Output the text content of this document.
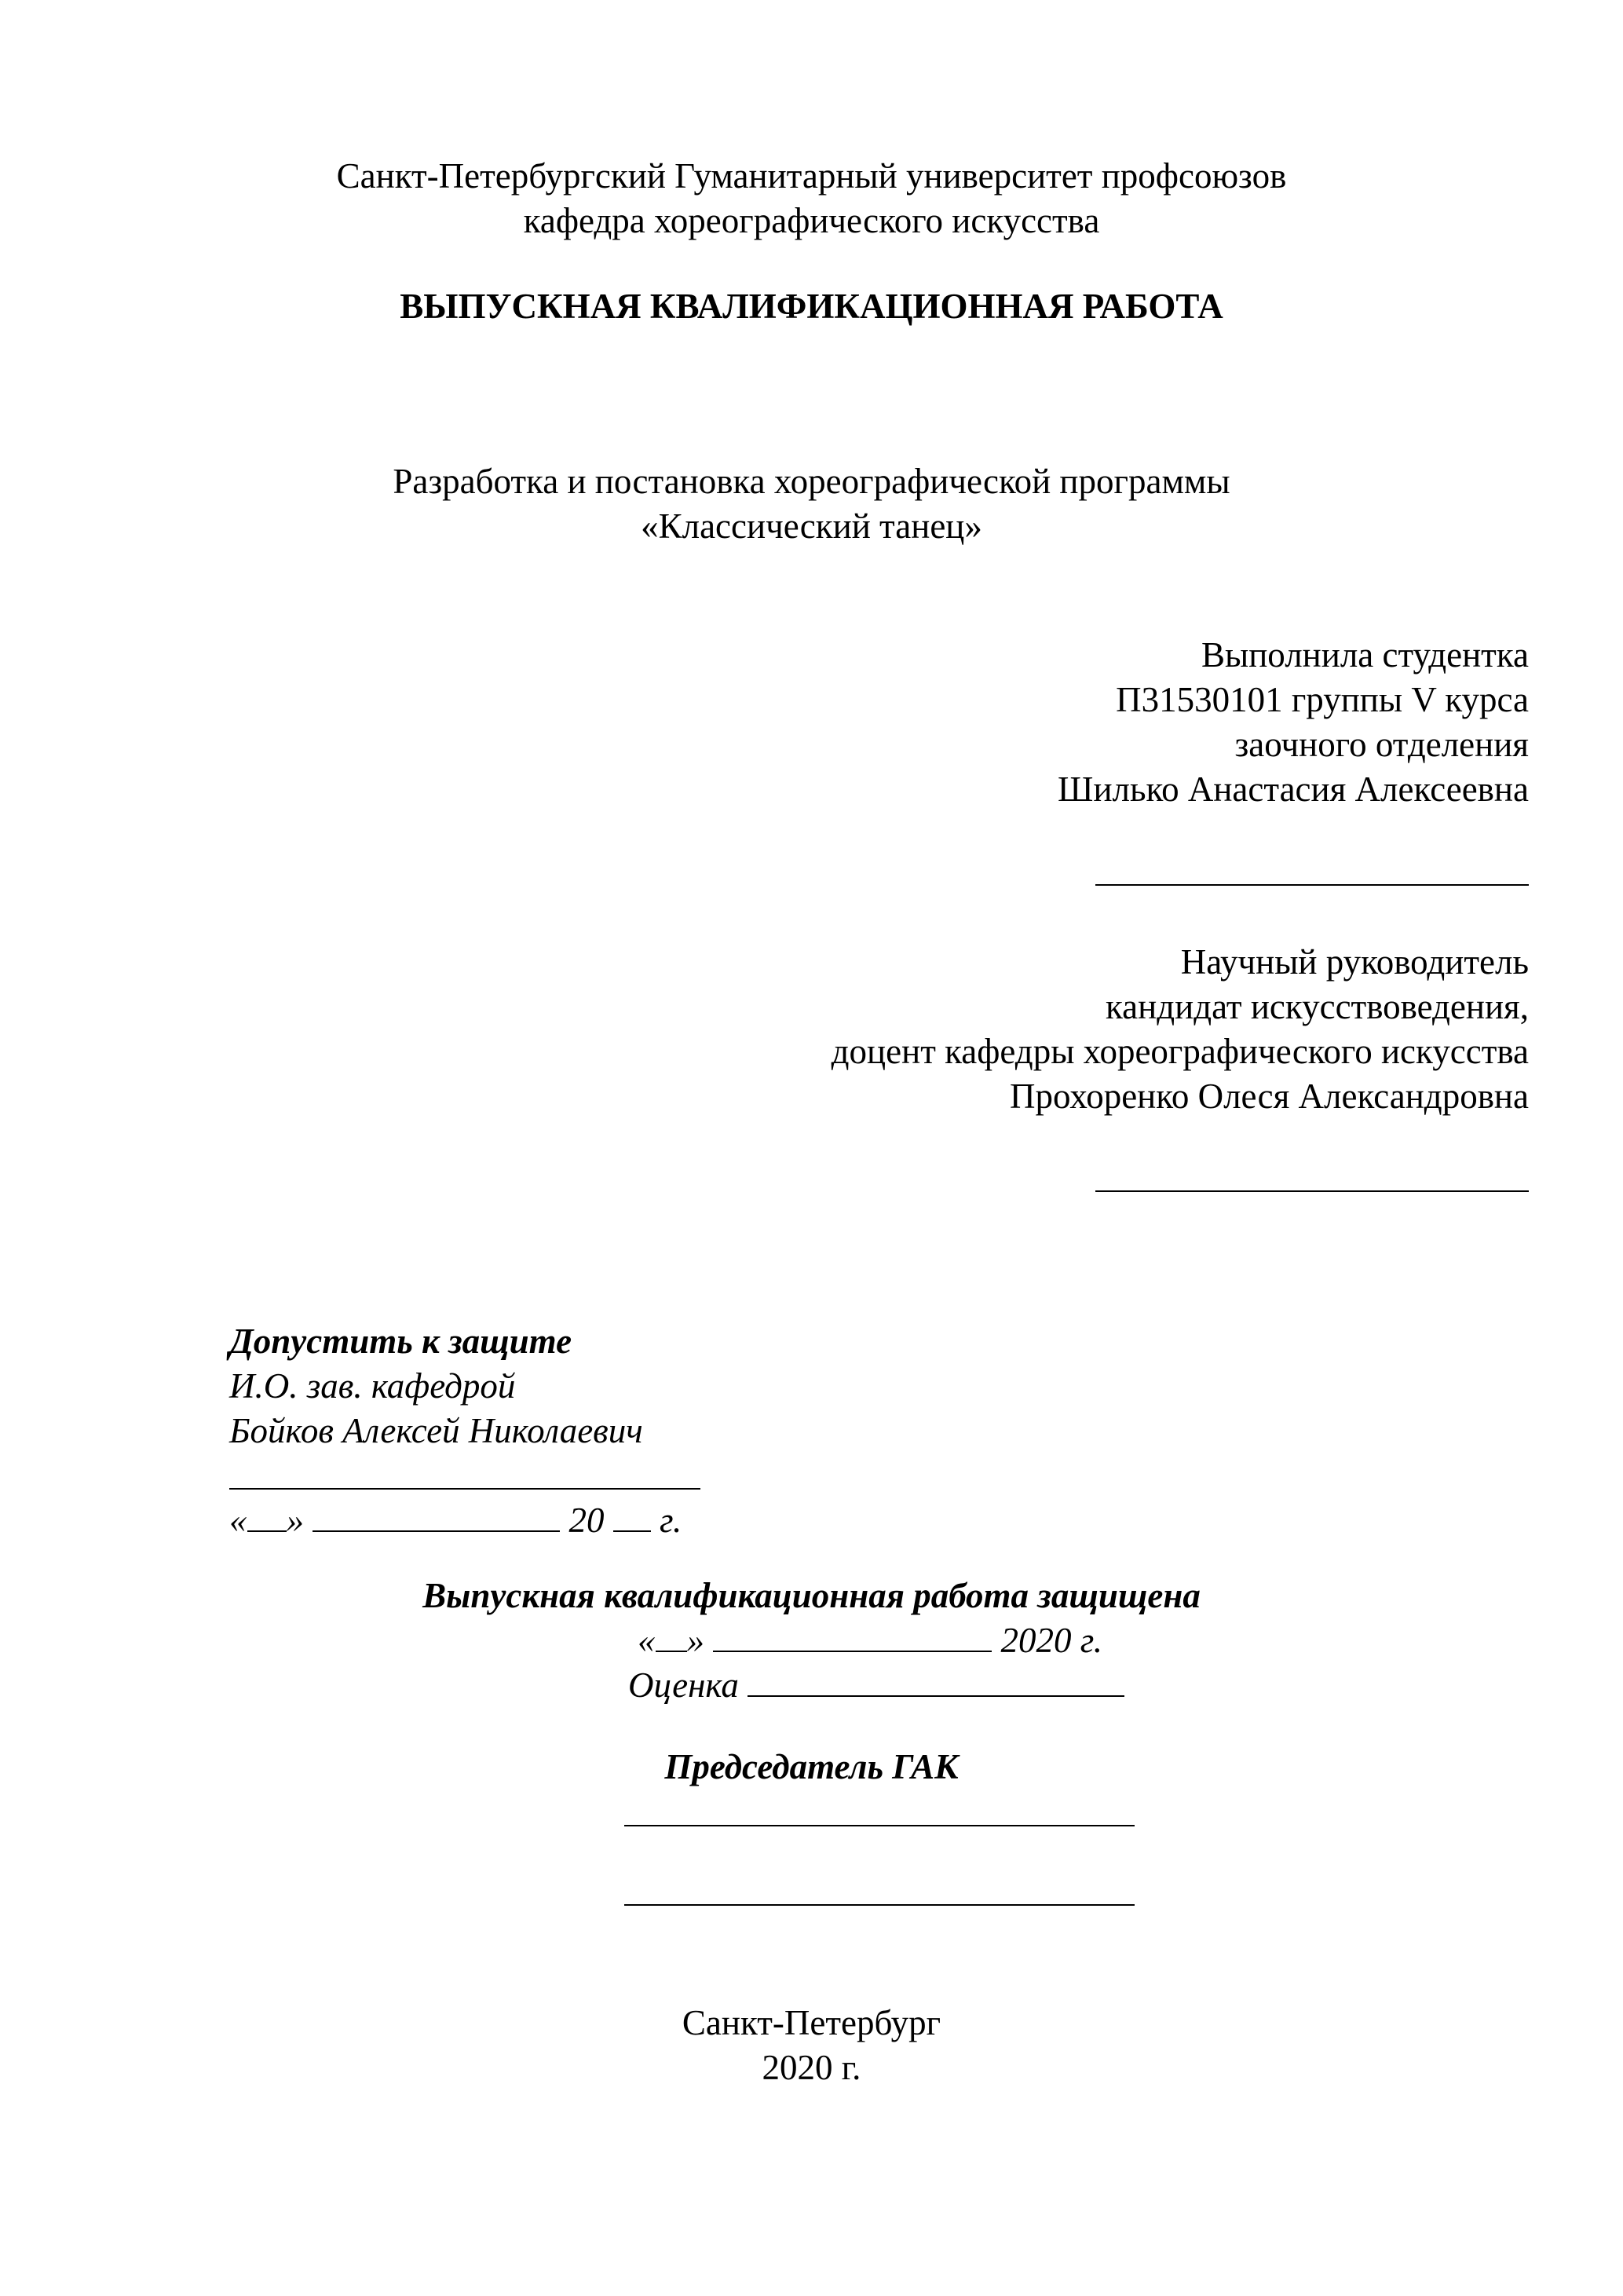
Санкт-Петербургский Гуманитарный университет профсоюзов
кафедра хореографического искусства
ВЫПУСКНАЯ КВАЛИФИКАЦИОННАЯ РАБОТА
Разработка и постановка хореографической программы
«Классический танец»
Выполнила студентка
П31530101 группы V курса
заочного отделения
Шилько Анастасия Алексеевна
Научный руководитель
кандидат искусствоведения,
доцент кафедры хореографического искусства
Прохоренко Олеся Александровна
Допустить к защите
И.О. зав. кафедрой
Бойков Алексей Николаевич
« »	20 г.
Выпускная квалификационная работа защищена
« »	2020 г.
Оценка
Председатель ГАК
Санкт-Петербург
2020 г.
